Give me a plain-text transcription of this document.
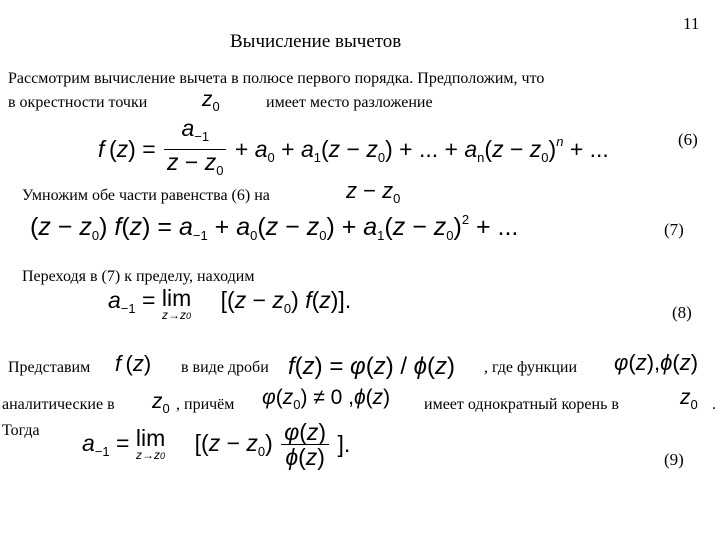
11
Вычисление вычетов
Рассмотрим вычисление вычета в полюсе первого порядка. Предположим, что
в окрестности точки	$z_0$	имеет место разложение
f $(z) = \frac{a_{-1}}{z - z_0} + a_0 + a_1(z - z_0)$ + ... + $a_n(z - z_0)^n$ + ...	(6)
Умножим обе части равенства (6) на	$z - z_0$
$(z - z_0)$ $f(z) = a_{-1} + a_0(z - z_0) + a_1(z - z_0)^2$ + ...	(7)
Переходя в (7) к пределу, находим
$a_{-1} = \lim$
z→z0
 [$(z - z_0)$ f(z)].	(8)
Представим f (z) в виде дроби f(z) = φ(z) / ϕ(z) , где функции φ(z),ϕ(z)
аналитические в $z_0$ , причём $\varphi(z_0) \ne 0$ ,ϕ(z) имеет однократный корень в	$z_0$ .
Тогда $a_{-1} = \lim$
z→z0
  [$(z - z_0) \frac{\varphi(z)}{\phi(z)}$ ].
(9)
